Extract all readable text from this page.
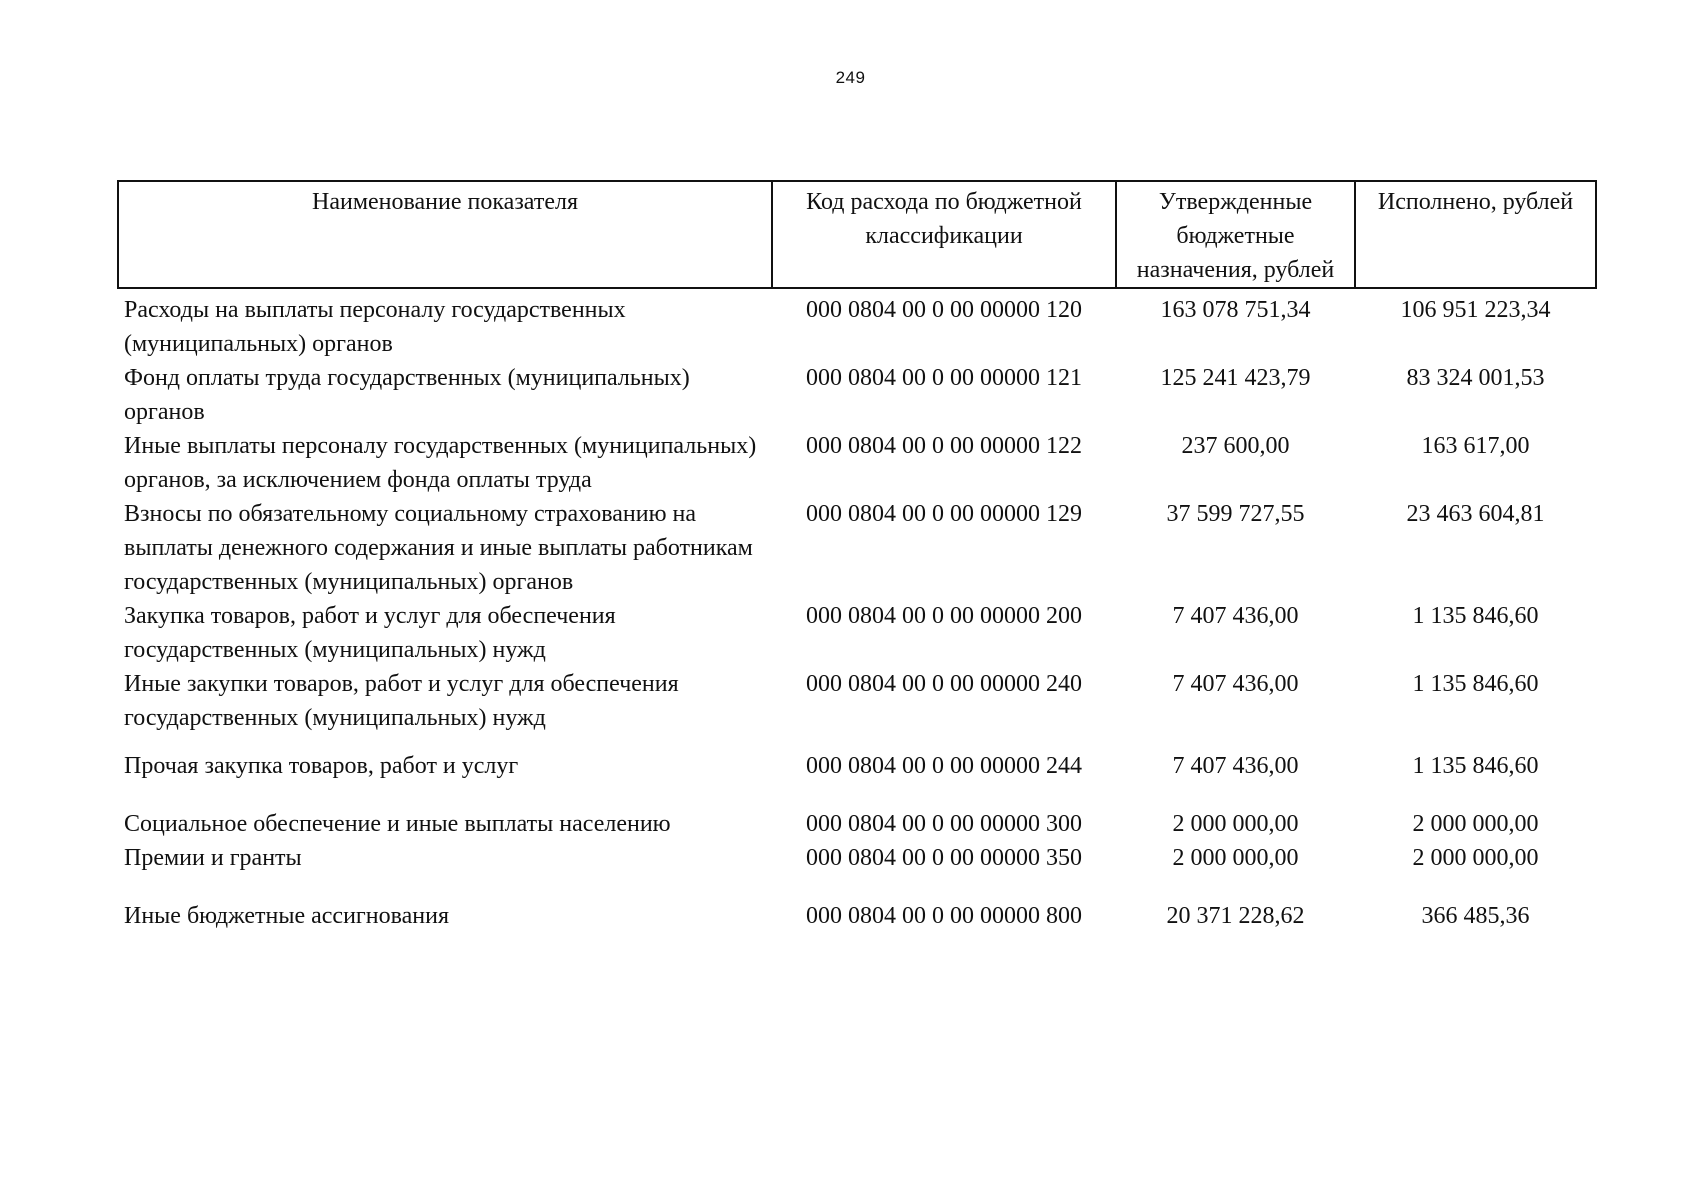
249
Наименование показателя	Код расхода по бюджетной классификации	Утвержденные бюджетные назначения, рублей	Исполнено, рублей
Расходы на выплаты персоналу государственных (муниципальных) органов	000 0804 00 0 00 00000 120	163 078 751,34	106 951 223,34
Фонд оплаты труда государственных (муниципальных) органов	000 0804 00 0 00 00000 121	125 241 423,79	83 324 001,53
Иные выплаты персоналу государственных (муниципальных) органов, за исключением фонда оплаты труда	000 0804 00 0 00 00000 122	237 600,00	163 617,00
Взносы по обязательному социальному страхованию на выплаты денежного содержания и иные выплаты работникам государственных (муниципальных) органов	000 0804 00 0 00 00000 129	37 599 727,55	23 463 604,81
Закупка товаров, работ и услуг для обеспечения государственных (муниципальных) нужд	000 0804 00 0 00 00000 200	7 407 436,00	1 135 846,60
Иные закупки товаров, работ и услуг для обеспечения государственных (муниципальных) нужд	000 0804 00 0 00 00000 240	7 407 436,00	1 135 846,60
Прочая закупка товаров, работ и услуг	000 0804 00 0 00 00000 244	7 407 436,00	1 135 846,60
Социальное обеспечение и иные выплаты населению	000 0804 00 0 00 00000 300	2 000 000,00	2 000 000,00
Премии и гранты	000 0804 00 0 00 00000 350	2 000 000,00	2 000 000,00
Иные бюджетные ассигнования	000 0804 00 0 00 00000 800	20 371 228,62	366 485,36
